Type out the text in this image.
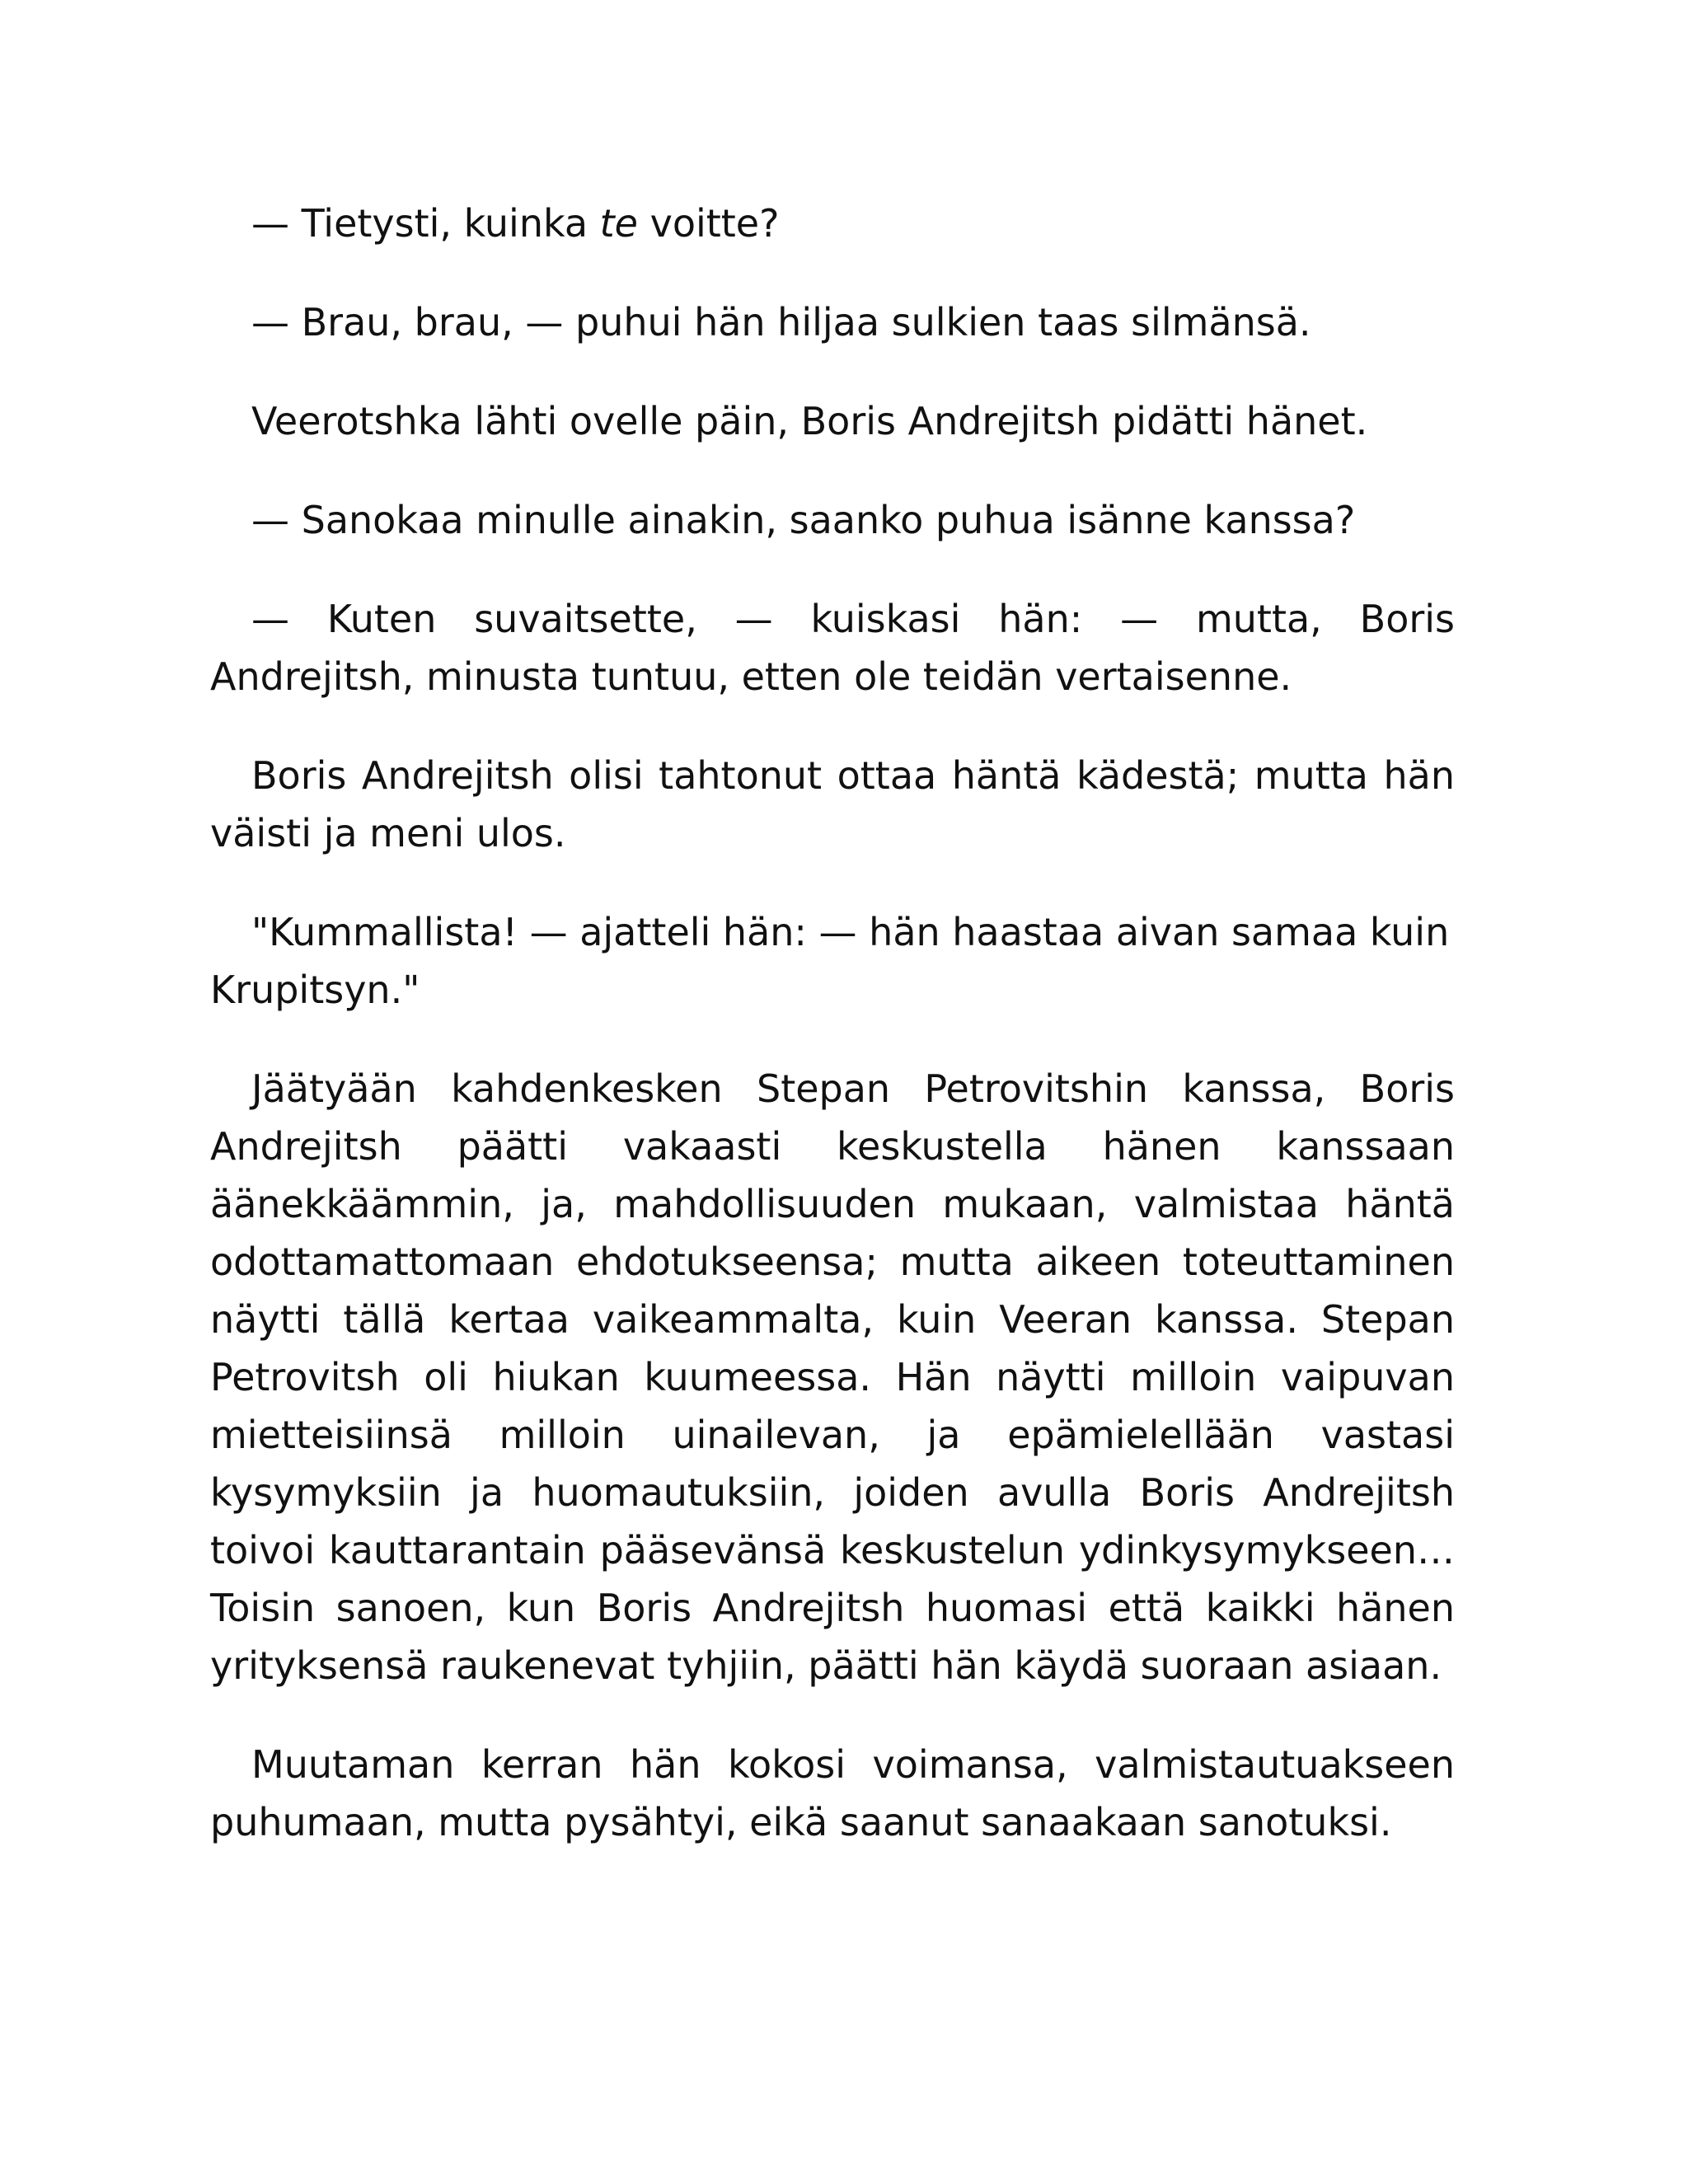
— Tietysti, kuinka te voitte?

— Brau, brau, — puhui hän hiljaa sulkien taas silmänsä.

Veerotshka lähti ovelle päin, Boris Andrejitsh pidätti hänet.

— Sanokaa minulle ainakin, saanko puhua isänne kanssa?

— Kuten suvaitsette, — kuiskasi hän: — mutta, Boris Andrejitsh, minusta tuntuu, etten ole teidän vertaisenne.

Boris Andrejitsh olisi tahtonut ottaa häntä kädestä; mutta hän väisti ja meni ulos.

"Kummallista! — ajatteli hän: — hän haastaa aivan samaa kuin Krupitsyn."

Jäätyään kahdenkesken Stepan Petrovitshin kanssa, Boris Andrejitsh päätti vakaasti keskustella hänen kanssaan äänekkäämmin, ja, mahdollisuuden mukaan, valmistaa häntä odottamattomaan ehdotukseensa; mutta aikeen toteuttaminen näytti tällä kertaa vaikeammalta, kuin Veeran kanssa. Stepan Petrovitsh oli hiukan kuumeessa. Hän näytti milloin vaipuvan mietteisiinsä milloin uinailevan, ja epämielellään vastasi kysymyksiin ja huomautuksiin, joiden avulla Boris Andrejitsh toivoi kauttarantain pääsevänsä keskustelun ydinkysymykseen… Toisin sanoen, kun Boris Andrejitsh huomasi että kaikki hänen yrityksensä raukenevat tyhjiin, päätti hän käydä suoraan asiaan.

Muutaman kerran hän kokosi voimansa, valmistautuakseen puhumaan, mutta pysähtyi, eikä saanut sanaakaan sanotuksi.
